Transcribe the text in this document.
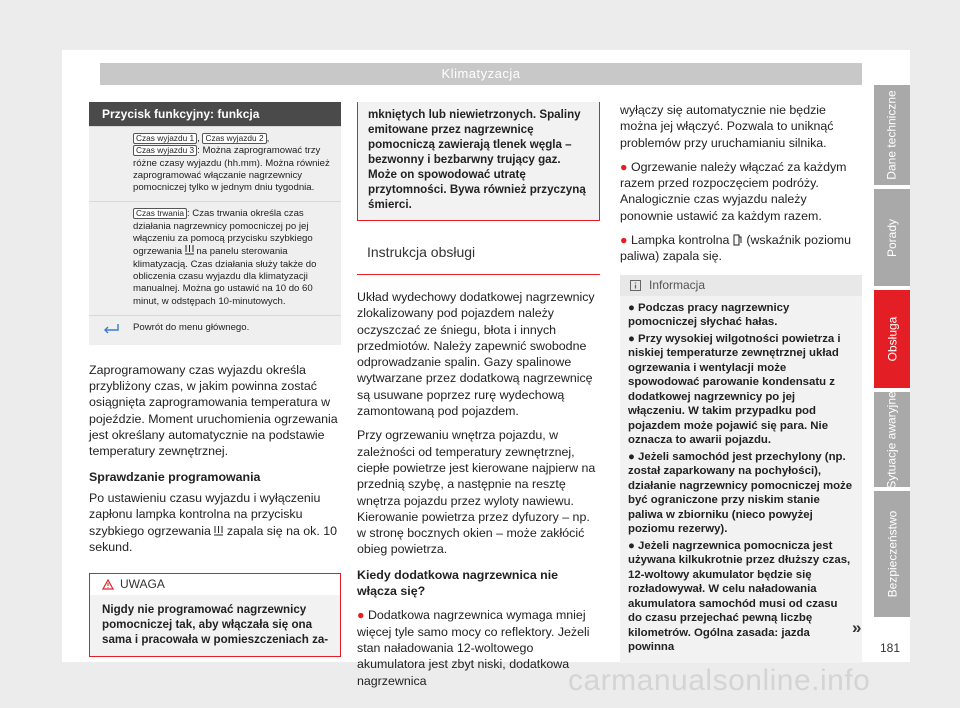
Klimatyzacja
Przycisk funkcyjny: funkcja
Czas wyjazdu 1 , Czas wyjazdu 2 , Czas wyjazdu 3 : Można zaprogramować trzy różne czasy wyjazdu (hh.mm). Można również zaprogramować włączanie nagrzewnicy pomocniczej tylko w jednym dniu tygodnia.
Czas trwania : Czas trwania określa czas działania nagrzewnicy pomocniczej po jej włączeniu za pomocą przycisku szybkiego ogrzewania na panelu sterowania klimatyzacją. Czas działania służy także do obliczenia czasu wyjazdu dla klimatyzacji manualnej. Można go ustawić na 10 do 60 minut, w odstępach 10-minutowych.
Powrót do menu głównego.

Zaprogramowany czas wyjazdu określa przybliżony czas, w jakim powinna zostać osiągnięta zaprogramowania temperatura w pojeździe. Moment uruchomienia ogrzewania jest określany automatycznie na podstawie temperatury zewnętrznej.

Sprawdzanie programowania

Po ustawieniu czasu wyjazdu i wyłączeniu zapłonu lampka kontrolna na przycisku szybkiego ogrzewania zapala się na ok. 10 sekund.

UWAGA
Nigdy nie programować nagrzewnicy pomocniczej tak, aby włączała się ona sama i pracowała w pomieszczeniach za-
mkniętych lub niewietrzonych. Spaliny emitowane przez nagrzewnicę pomocniczą zawierają tlenek węgla – bezwonny i bezbarwny trujący gaz. Może on spowodować utratę przytomności. Bywa również przyczyną śmierci.
Instrukcja obsługi

Układ wydechowy dodatkowej nagrzewnicy zlokalizowany pod pojazdem należy oczyszczać ze śniegu, błota i innych przedmiotów. Należy zapewnić swobodne odprowadzanie spalin. Gazy spalinowe wytwarzane przez dodatkową nagrzewnicę są usuwane poprzez rurę wydechową zamontowaną pod pojazdem.

Przy ogrzewaniu wnętrza pojazdu, w zależności od temperatury zewnętrznej, ciepłe powietrze jest kierowane najpierw na przednią szybę, a następnie na resztę wnętrza pojazdu przez wyloty nawiewu. Kierowanie powietrza przez dyfuzory – np. w stronę bocznych okien – może zakłócić obieg powietrza.

Kiedy dodatkowa nagrzewnica nie włącza się?

● Dodatkowa nagrzewnica wymaga mniej więcej tyle samo mocy co reflektory. Jeżeli stan naładowania 12-woltowego akumulatora jest zbyt niski, dodatkowa nagrzewnica

wyłączy się automatycznie nie będzie można jej włączyć. Pozwala to uniknąć problemów przy uruchamianiu silnika.

● Ogrzewanie należy włączać za każdym razem przed rozpoczęciem podróży. Analogicznie czas wyjazdu należy ponownie ustawić za każdym razem.

● Lampka kontrolna (wskaźnik poziomu paliwa) zapala się.

Informacja

● Podczas pracy nagrzewnicy pomocniczej słychać hałas.

● Przy wysokiej wilgotności powietrza i niskiej temperaturze zewnętrznej układ ogrzewania i wentylacji może spowodować parowanie kondensatu z dodatkowej nagrzewnicy po jej włączeniu. W takim przypadku pod pojazdem może pojawić się para. Nie oznacza to awarii pojazdu.

● Jeżeli samochód jest przechylony (np. został zaparkowany na pochyłości), działanie nagrzewnicy pomocniczej może być ograniczone przy niskim stanie paliwa w zbiorniku (nieco powyżej poziomu rezerwy).

● Jeżeli nagrzewnica pomocnicza jest używana kilkukrotnie przez dłuższy czas, 12-woltowy akumulator będzie się rozładowywał. W celu naładowania akumulatora samochód musi od czasu do czasu przejechać pewną liczbę kilometrów. Ogólna zasada: jazda powinna

Dane techniczne
Porady
Obsługa
Sytuacje awaryjne
Bezpieczeństwo
»
181
carmanualsonline.info
